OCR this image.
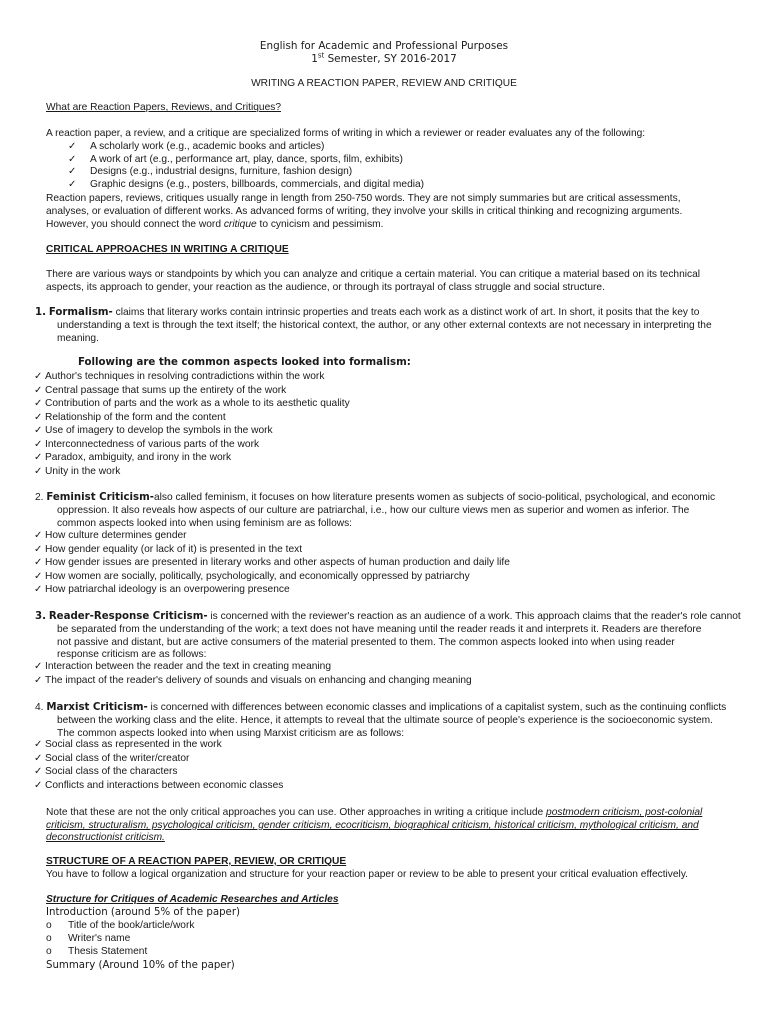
English for Academic and Professional Purposes
1st Semester, SY 2016-2017
WRITING A REACTION PAPER, REVIEW AND CRITIQUE
What are Reaction Papers, Reviews, and Critiques?
A reaction paper, a review, and a critique are specialized forms of writing in which a reviewer or reader evaluates any of the following:
✓ A scholarly work (e.g., academic books and articles)
✓ A work of art (e.g., performance art, play, dance, sports, film, exhibits)
✓ Designs (e.g., industrial designs, furniture, fashion design)
✓ Graphic designs (e.g., posters, billboards, commercials, and digital media)
Reaction papers, reviews, critiques usually range in length from 250-750 words. They are not simply summaries but are critical assessments,
analyses, or evaluation of different works. As advanced forms of writing, they involve your skills in critical thinking and recognizing arguments.
However, you should connect the word critique to cynicism and pessimism.
CRITICAL APPROACHES IN WRITING A CRITIQUE
There are various ways or standpoints by which you can analyze and critique a certain material. You can critique a material based on its technical
aspects, its approach to gender, your reaction as the audience, or through its portrayal of class struggle and social structure.
1. Formalism- claims that literary works contain intrinsic properties and treats each work as a distinct work of art. In short, it posits that the key to
understanding a text is through the text itself; the historical context, the author, or any other external contexts are not necessary in interpreting the
meaning.
Following are the common aspects looked into formalism:
✓ Author's techniques in resolving contradictions within the work
✓ Central passage that sums up the entirety of the work
✓ Contribution of parts and the work as a whole to its aesthetic quality
✓ Relationship of the form and the content
✓ Use of imagery to develop the symbols in the work
✓ Interconnectedness of various parts of the work
✓ Paradox, ambiguity, and irony in the work
✓ Unity in the work
2. Feminist Criticism-also called feminism, it focuses on how literature presents women as subjects of socio-political, psychological, and economic
oppression. It also reveals how aspects of our culture are patriarchal, i.e., how our culture views men as superior and women as inferior. The
common aspects looked into when using feminism are as follows:
✓ How culture determines gender
✓ How gender equality (or lack of it) is presented in the text
✓ How gender issues are presented in literary works and other aspects of human production and daily life
✓ How women are socially, politically, psychologically, and economically oppressed by patriarchy
✓ How patriarchal ideology is an overpowering presence
3. Reader-Response Criticism- is concerned with the reviewer's reaction as an audience of a work. This approach claims that the reader's role cannot
be separated from the understanding of the work; a text does not have meaning until the reader reads it and interprets it. Readers are therefore
not passive and distant, but are active consumers of the material presented to them. The common aspects looked into when using reader
response criticism are as follows:
✓ Interaction between the reader and the text in creating meaning
✓ The impact of the reader's delivery of sounds and visuals on enhancing and changing meaning
4. Marxist Criticism- is concerned with differences between economic classes and implications of a capitalist system, such as the continuing conflicts
between the working class and the elite. Hence, it attempts to reveal that the ultimate source of people's experience is the socioeconomic system.
The common aspects looked into when using Marxist criticism are as follows:
✓ Social class as represented in the work
✓ Social class of the writer/creator
✓ Social class of the characters
✓ Conflicts and interactions between economic classes
Note that these are not the only critical approaches you can use. Other approaches in writing a critique include postmodern criticism, post-colonial
criticism, structuralism, psychological criticism, gender criticism, ecocriticism, biographical criticism, historical criticism, mythological criticism, and
deconstructionist criticism.
STRUCTURE OF A REACTION PAPER, REVIEW, OR CRITIQUE
You have to follow a logical organization and structure for your reaction paper or review to be able to present your critical evaluation effectively.
Structure for Critiques of Academic Researches and Articles
Introduction (around 5% of the paper)
o Title of the book/article/work
o Writer's name
o Thesis Statement
Summary (Around 10% of the paper)
